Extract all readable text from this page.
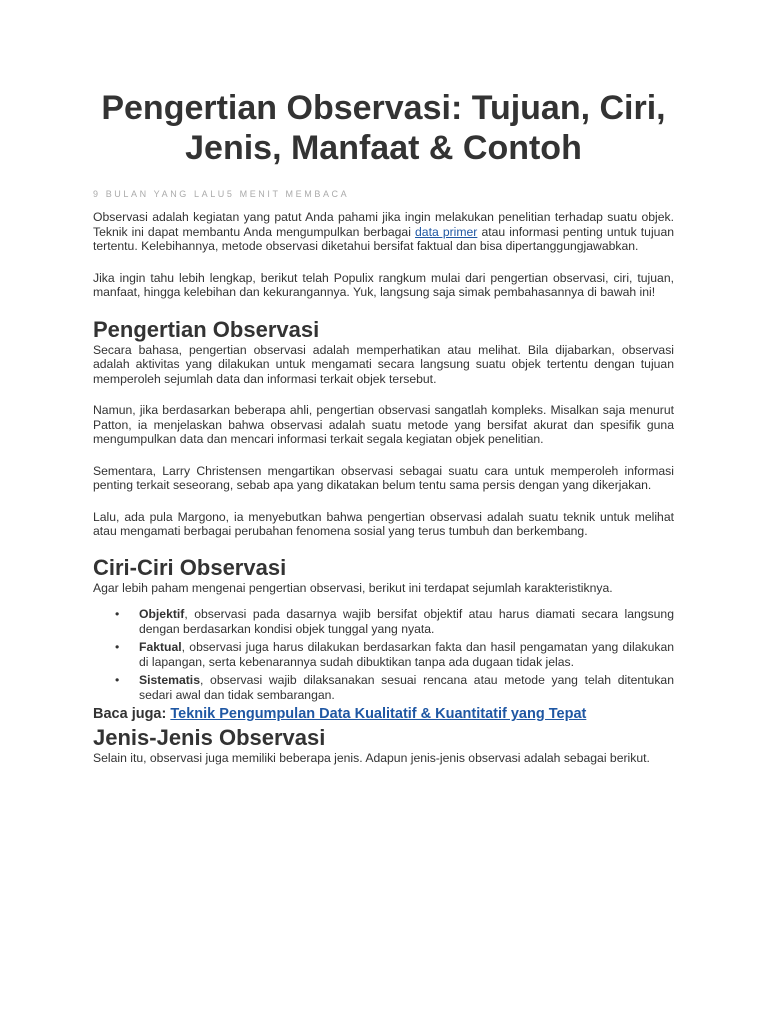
Pengertian Observasi: Tujuan, Ciri, Jenis, Manfaat & Contoh
9 BULAN YANG LALU5 MENIT MEMBACA

Observasi adalah kegiatan yang patut Anda pahami jika ingin melakukan penelitian terhadap suatu objek. Teknik ini dapat membantu Anda mengumpulkan berbagai data primer atau informasi penting untuk tujuan tertentu. Kelebihannya, metode observasi diketahui bersifat faktual dan bisa dipertanggungjawabkan.

Jika ingin tahu lebih lengkap, berikut telah Populix rangkum mulai dari pengertian observasi, ciri, tujuan, manfaat, hingga kelebihan dan kekurangannya. Yuk, langsung saja simak pembahasannya di bawah ini!

Pengertian Observasi

Secara bahasa, pengertian observasi adalah memperhatikan atau melihat. Bila dijabarkan, observasi adalah aktivitas yang dilakukan untuk mengamati secara langsung suatu objek tertentu dengan tujuan memperoleh sejumlah data dan informasi terkait objek tersebut.

Namun, jika berdasarkan beberapa ahli, pengertian observasi sangatlah kompleks. Misalkan saja menurut Patton, ia menjelaskan bahwa observasi adalah suatu metode yang bersifat akurat dan spesifik guna mengumpulkan data dan mencari informasi terkait segala kegiatan objek penelitian.

Sementara, Larry Christensen mengartikan observasi sebagai suatu cara untuk memperoleh informasi penting terkait seseorang, sebab apa yang dikatakan belum tentu sama persis dengan yang dikerjakan.

Lalu, ada pula Margono, ia menyebutkan bahwa pengertian observasi adalah suatu teknik untuk melihat atau mengamati berbagai perubahan fenomena sosial yang terus tumbuh dan berkembang.

Ciri-Ciri Observasi

Agar lebih paham mengenai pengertian observasi, berikut ini terdapat sejumlah karakteristiknya.

• Objektif, observasi pada dasarnya wajib bersifat objektif atau harus diamati secara langsung dengan berdasarkan kondisi objek tunggal yang nyata.
• Faktual, observasi juga harus dilakukan berdasarkan fakta dan hasil pengamatan yang dilakukan di lapangan, serta kebenarannya sudah dibuktikan tanpa ada dugaan tidak jelas.
• Sistematis, observasi wajib dilaksanakan sesuai rencana atau metode yang telah ditentukan sedari awal dan tidak sembarangan.
Baca juga: Teknik Pengumpulan Data Kualitatif & Kuantitatif yang Tepat
Jenis-Jenis Observasi

Selain itu, observasi juga memiliki beberapa jenis. Adapun jenis-jenis observasi adalah sebagai berikut.
